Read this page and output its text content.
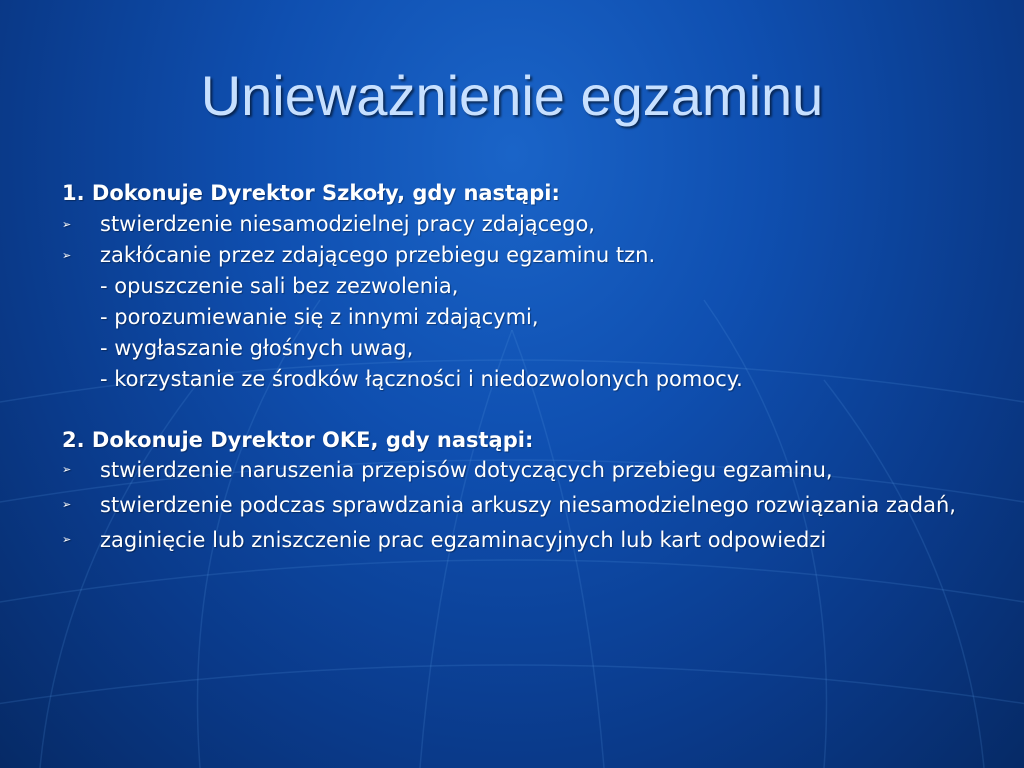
Unieważnienie egzaminu
1. Dokonuje Dyrektor Szkoły, gdy nastąpi:
➢ stwierdzenie niesamodzielnej pracy zdającego,
➢ zakłócanie przez zdającego przebiegu egzaminu tzn.
- opuszczenie sali bez zezwolenia,
- porozumiewanie się z innymi zdającymi,
- wygłaszanie głośnych uwag,
- korzystanie ze środków łączności i niedozwolonych pomocy.
2. Dokonuje Dyrektor OKE, gdy nastąpi:
➢ stwierdzenie naruszenia przepisów dotyczących przebiegu egzaminu,
➢ stwierdzenie podczas sprawdzania arkuszy niesamodzielnego rozwiązania zadań,
➢ zaginięcie lub zniszczenie prac egzaminacyjnych lub kart odpowiedzi
